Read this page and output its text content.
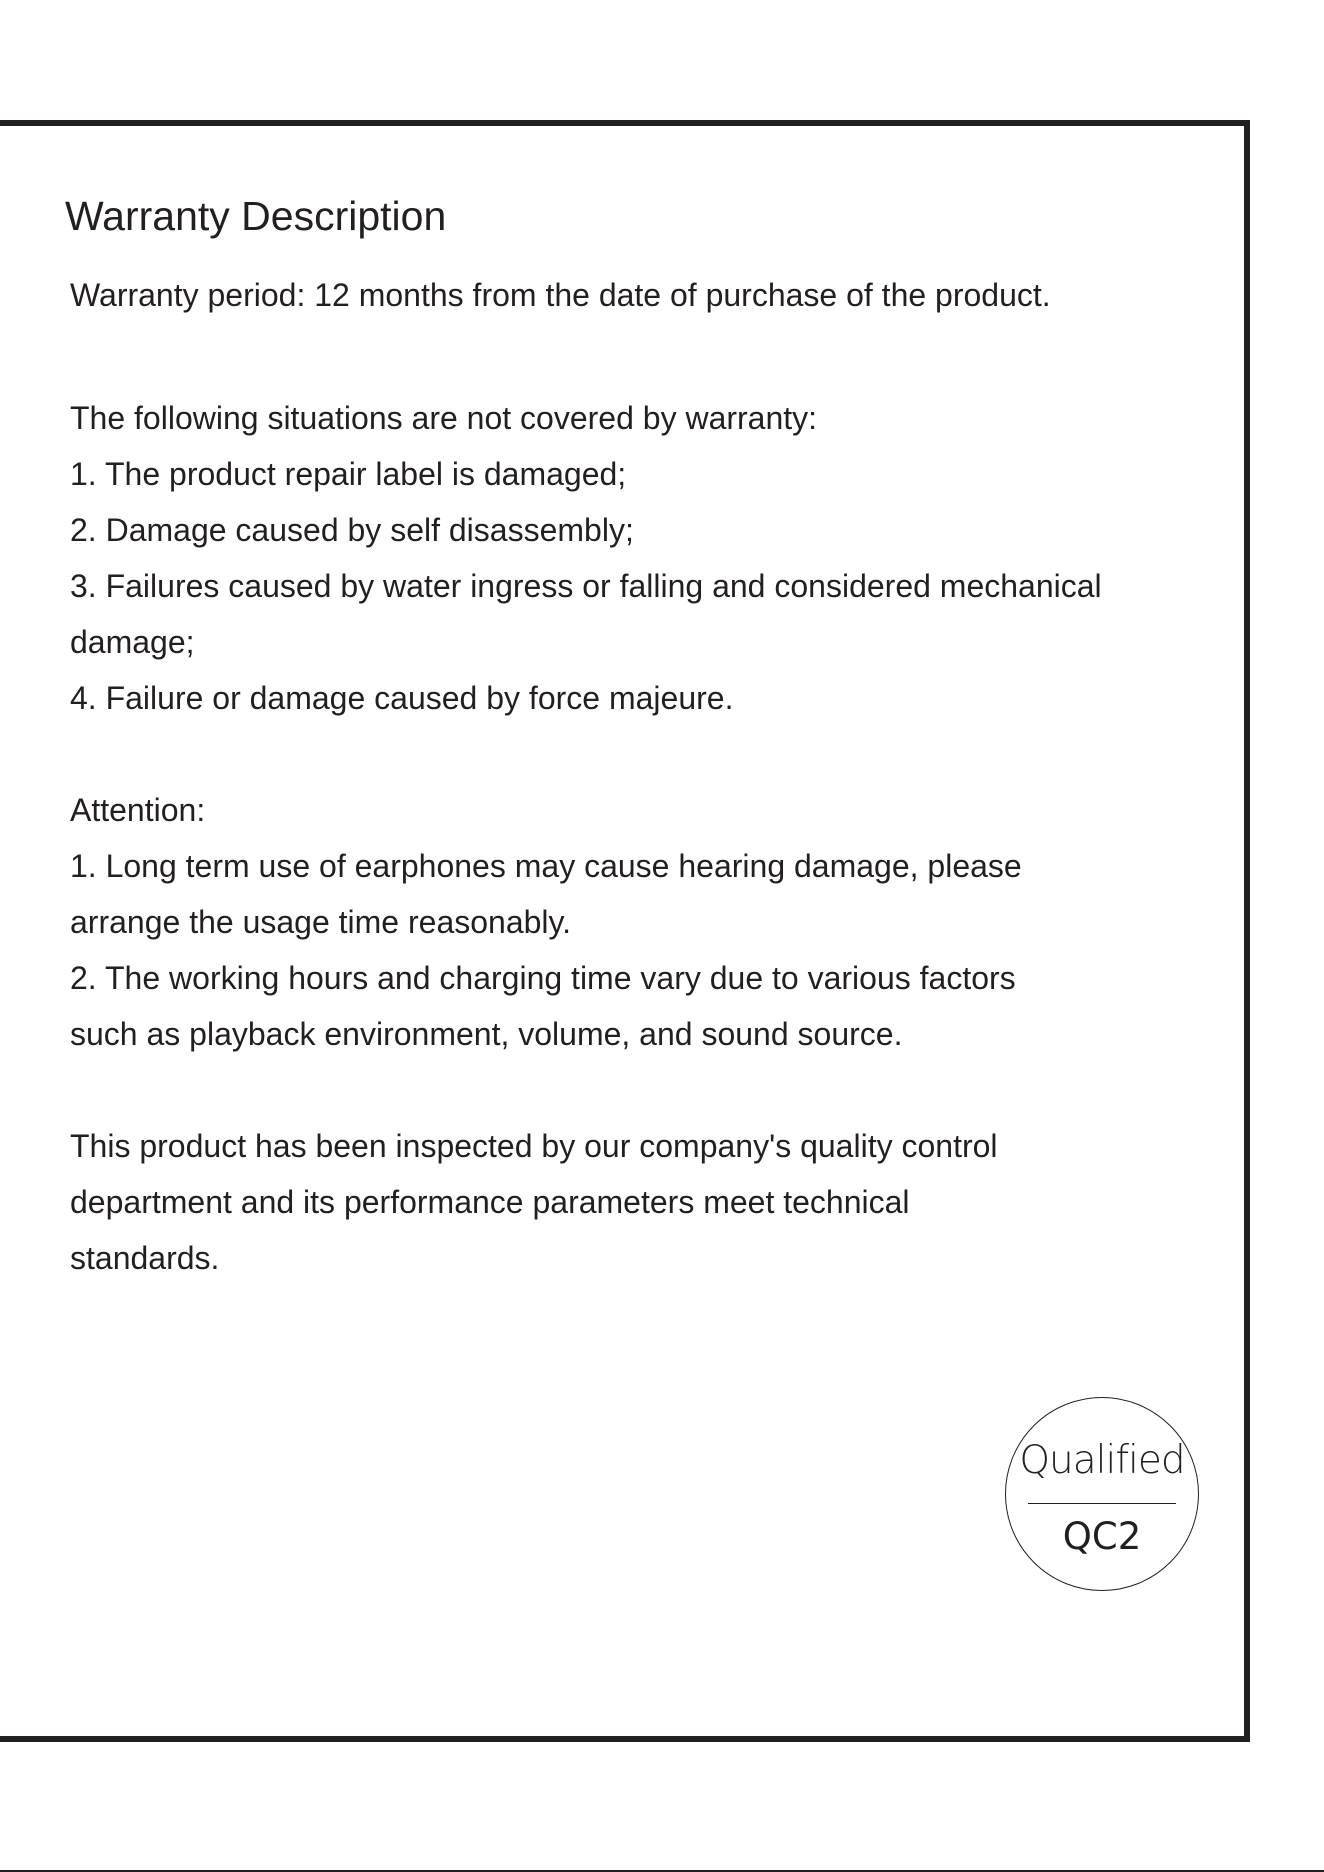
Warranty Description

Warranty period: 12 months from the date of purchase of the product.

The following situations are not covered by warranty:

1. The product repair label is damaged;

2. Damage caused by self disassembly;

3. Failures caused by water ingress or falling and considered mechanical

damage;

4. Failure or damage caused by force majeure.

Attention:

1. Long term use of earphones may cause hearing damage, please

arrange the usage time reasonably.

2. The working hours and charging time vary due to various factors

such as playback environment, volume, and sound source.

This product has been inspected by our company's quality control

department and its performance parameters meet technical

standards.

Qualified
QC2
